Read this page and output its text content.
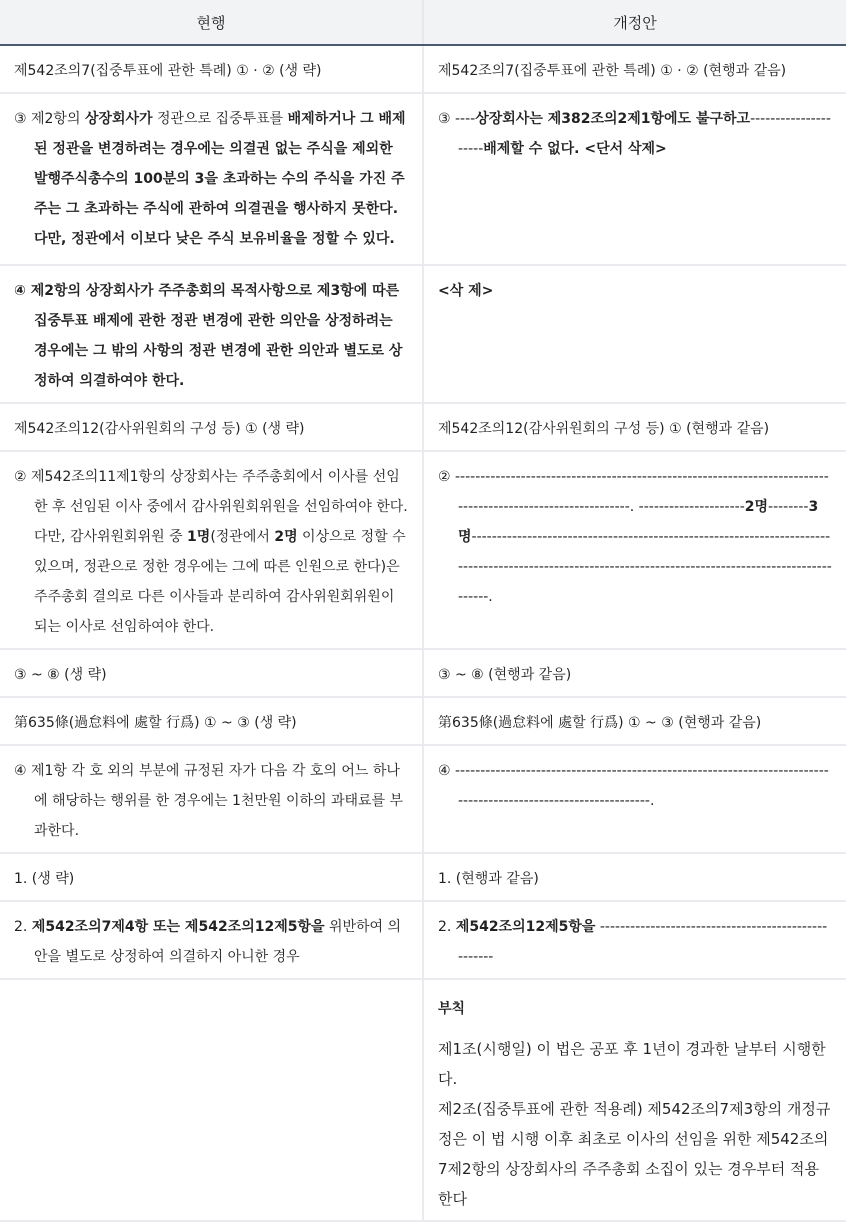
현행	개정안

제542조의7(집중투표에 관한 특례) ① · ② (생 략)	제542조의7(집중투표에 관한 특례) ① · ② (현행과 같음)

③ 제2항의 상장회사가 정관으로 집중투표를 배제하거나 그 배제된 정관을 변경하려는 경우에는 의결권 없는 주식을 제외한 발행주식총수의 100분의 3을 초과하는 수의 주식을 가진 주주는 그 초과하는 주식에 관하여 의결권을 행사하지 못한다. 다만, 정관에서 이보다 낮은 주식 보유비율을 정할 수 있다.	③ ----상장회사는 제382조의2제1항에도 불구하고---------------------배제할 수 없다. <단서 삭제>

④ 제2항의 상장회사가 주주총회의 목적사항으로 제3항에 따른 집중투표 배제에 관한 정관 변경에 관한 의안을 상정하려는 경우에는 그 밖의 사항의 정관 변경에 관한 의안과 별도로 상정하여 의결하여야 한다.	<삭 제>

제542조의12(감사위원회의 구성 등) ① (생 략)	제542조의12(감사위원회의 구성 등) ① (현행과 같음)

② 제542조의11제1항의 상장회사는 주주총회에서 이사를 선임한 후 선임된 이사 중에서 감사위원회위원을 선임하여야 한다. 다만, 감사위원회위원 중 1명(정관에서 2명 이상으로 정할 수 있으며, 정관으로 정한 경우에는 그에 따른 인원으로 한다)은 주주총회 결의로 다른 이사들과 분리하여 감사위원회위원이 되는 이사로 선임하여야 한다.	② ------------------------------------------------------------------------------------------------------------. ---------------------2명--------3명-------------------------------------------------------------------------------------------------------------------------------------------------------.

③ ~ ⑧ (생 략)	③ ~ ⑧ (현행과 같음)

第635條(過怠料에 處할 行爲) ① ~ ③ (생 략)	第635條(過怠料에 處할 行爲) ① ~ ③ (현행과 같음)

④ 제1항 각 호 외의 부분에 규정된 자가 다음 각 호의 어느 하나에 해당하는 행위를 한 경우에는 1천만원 이하의 과태료를 부과한다.	④ ----------------------------------------------------------------------------------------------------------------.

1. (생 략)	1. (현행과 같음)

2. 제542조의7제4항 또는 제542조의12제5항을 위반하여 의안을 별도로 상정하여 의결하지 아니한 경우	2. 제542조의12제5항을 ----------------------------------------------------

	부칙

제1조(시행일) 이 법은 공포 후 1년이 경과한 날부터 시행한다.

제2조(집중투표에 관한 적용례) 제542조의7제3항의 개정규정은 이 법 시행 이후 최초로 이사의 선임을 위한 제542조의7제2항의 상장회사의 주주총회 소집이 있는 경우부터 적용한다
